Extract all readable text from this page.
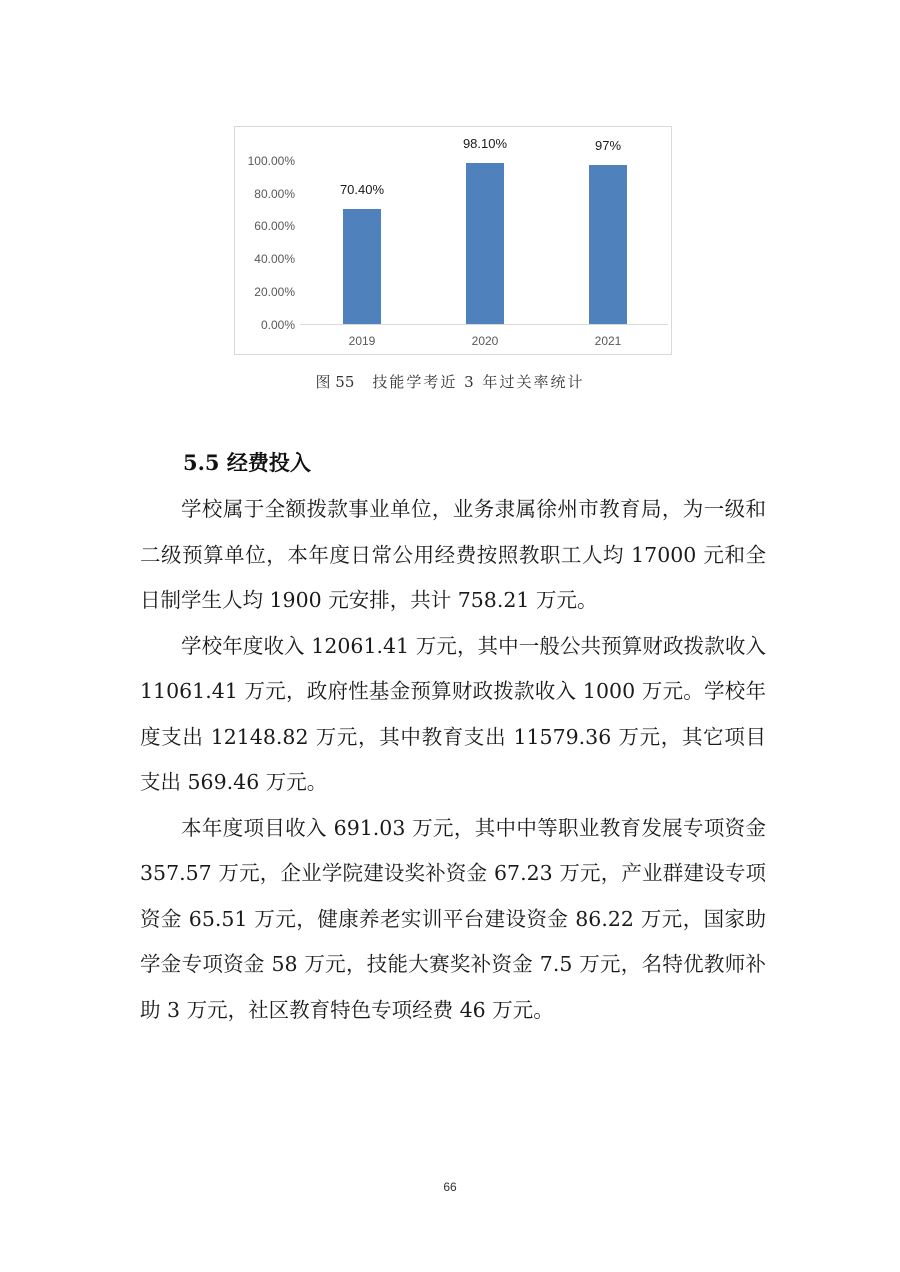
100.00%
80.00%
60.00%
40.00%
20.00%
0.00%
70.40%
98.10%	97%
2019	2020	2021
图 55 技能学考近 3 年过关率统计
5.5 经费投入

学校属于全额拨款事业单位，业务隶属徐州市教育局，为一级和二级预算单位，本年度日常公用经费按照教职工人均 17000 元和全日制学生人均 1900 元安排，共计 758.21 万元。

学校年度收入 12061.41 万元，其中一般公共预算财政拨款收入 11061.41 万元，政府性基金预算财政拨款收入 1000 万元。学校年度支出 12148.82 万元，其中教育支出 11579.36 万元，其它项目支出 569.46 万元。

本年度项目收入 691.03 万元，其中中等职业教育发展专项资金 357.57 万元，企业学院建设奖补资金 67.23 万元，产业群建设专项资金 65.51 万元，健康养老实训平台建设资金 86.22 万元，国家助学金专项资金 58 万元，技能大赛奖补资金 7.5 万元，名特优教师补助 3 万元，社区教育特色专项经费 46 万元。

66
